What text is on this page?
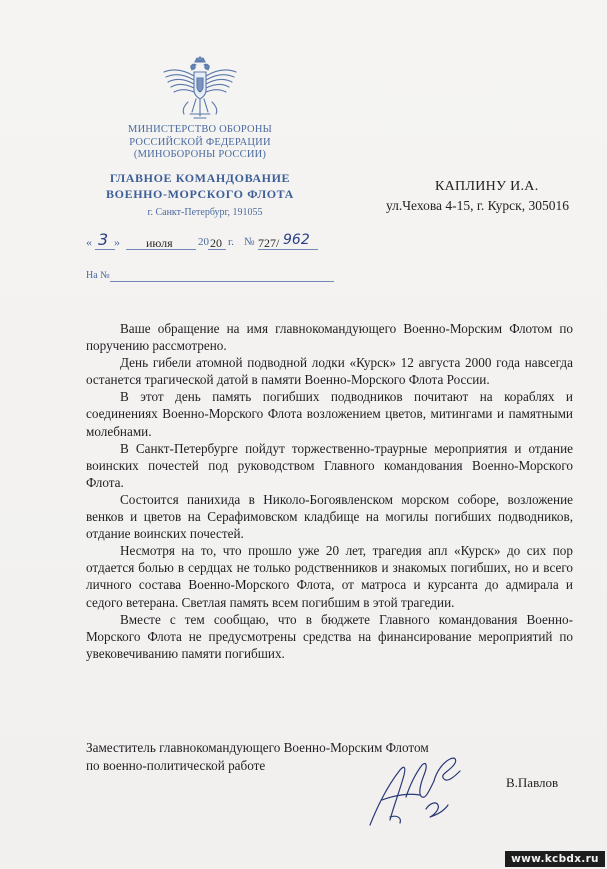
МИНИСТЕРСТВО ОБОРОНЫ
РОССИЙСКОЙ ФЕДЕРАЦИИ
(МИНОБОРОНЫ РОССИИ)
ГЛАВНОЕ КОМАНДОВАНИЕ
ВОЕННО-МОРСКОГО ФЛОТА
г. Санкт-Петербург, 191055
« 3 » июля 20 20 г. № 727/ 962
На №
КАПЛИНУ И.А.
ул.Чехова 4-15, г. Курск, 305016

Ваше обращение на имя главнокомандующего Военно-Морским Флотом по поручению рассмотрено.

День гибели атомной подводной лодки «Курск» 12 августа 2000 года навсегда останется трагической датой в памяти Военно-Морского Флота России.

В этот день память погибших подводников почитают на кораблях и соединениях Военно-Морского Флота возложением цветов, митингами и памятными молебнами.

В Санкт-Петербурге пойдут торжественно-траурные мероприятия и отдание воинских почестей под руководством Главного командования Военно-Морского Флота.

Состоится панихида в Николо-Богоявленском морском соборе, возложение венков и цветов на Серафимовском кладбище на могилы погибших подводников, отдание воинских почестей.

Несмотря на то, что прошло уже 20 лет, трагедия апл «Курск» до сих пор отдается болью в сердцах не только родственников и знакомых погибших, но и всего личного состава Военно-Морского Флота, от матроса и курсанта до адмирала и седого ветерана. Светлая память всем погибшим в этой трагедии.

Вместе с тем сообщаю, что в бюджете Главного командования Военно-Морского Флота не предусмотрены средства на финансирование мероприятий по увековечиванию памяти погибших.

Заместитель главнокомандующего Военно-Морским Флотом
по военно-политической работе
В.Павлов
www.kcbdx.ru
